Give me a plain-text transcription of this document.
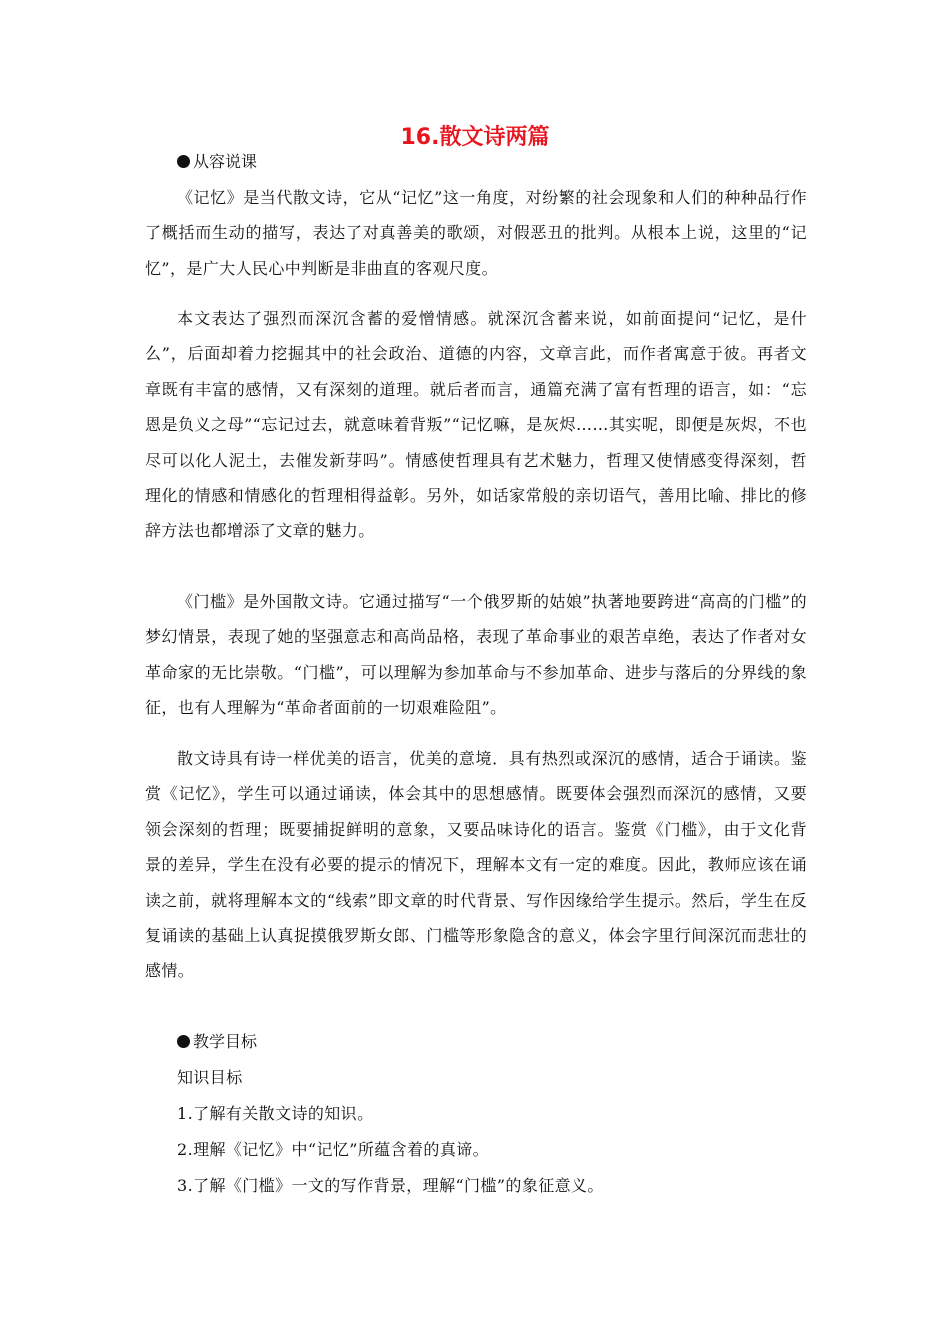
16.散文诗两篇
从容说课

《记忆》是当代散文诗，它从“记忆”这一角度，对纷繁的社会现象和人们的种种品行作了概括而生动的描写，表达了对真善美的歌颂，对假恶丑的批判。从根本上说，这里的“记忆”，是广大人民心中判断是非曲直的客观尺度。

本文表达了强烈而深沉含蓄的爱憎情感。就深沉含蓄来说，如前面提问“记忆，是什么”，后面却着力挖掘其中的社会政治、道德的内容，文章言此，而作者寓意于彼。再者文章既有丰富的感情，又有深刻的道理。就后者而言，通篇充满了富有哲理的语言，如：“忘恩是负义之母”“忘记过去，就意味着背叛”“记忆嘛，是灰烬……其实呢，即便是灰烬，不也尽可以化人泥土，去催发新芽吗”。情感使哲理具有艺术魅力，哲理又使情感变得深刻，哲理化的情感和情感化的哲理相得益彰。另外，如话家常般的亲切语气，善用比喻、排比的修辞方法也都增添了文章的魅力。

《门槛》是外国散文诗。它通过描写“一个俄罗斯的姑娘”执著地要跨进“高高的门槛”的梦幻情景，表现了她的坚强意志和高尚品格，表现了革命事业的艰苦卓绝，表达了作者对女革命家的无比崇敬。“门槛”，可以理解为参加革命与不参加革命、进步与落后的分界线的象征，也有人理解为“革命者面前的一切艰难险阻”。

散文诗具有诗一样优美的语言，优美的意境．具有热烈或深沉的感情，适合于诵读。鉴赏《记忆》，学生可以通过诵读，体会其中的思想感情。既要体会强烈而深沉的感情，又要领会深刻的哲理；既要捕捉鲜明的意象，又要品味诗化的语言。鉴赏《门槛》，由于文化背景的差异，学生在没有必要的提示的情况下，理解本文有一定的难度。因此，教师应该在诵读之前，就将理解本文的“线索”即文章的时代背景、写作因缘给学生提示。然后，学生在反复诵读的基础上认真捉摸俄罗斯女郎、门槛等形象隐含的意义，体会字里行间深沉而悲壮的感情。

教学目标
知识目标
1.了解有关散文诗的知识。
2.理解《记忆》中“记忆”所蕴含着的真谛。
3.了解《门槛》一文的写作背景，理解“门槛”的象征意义。
